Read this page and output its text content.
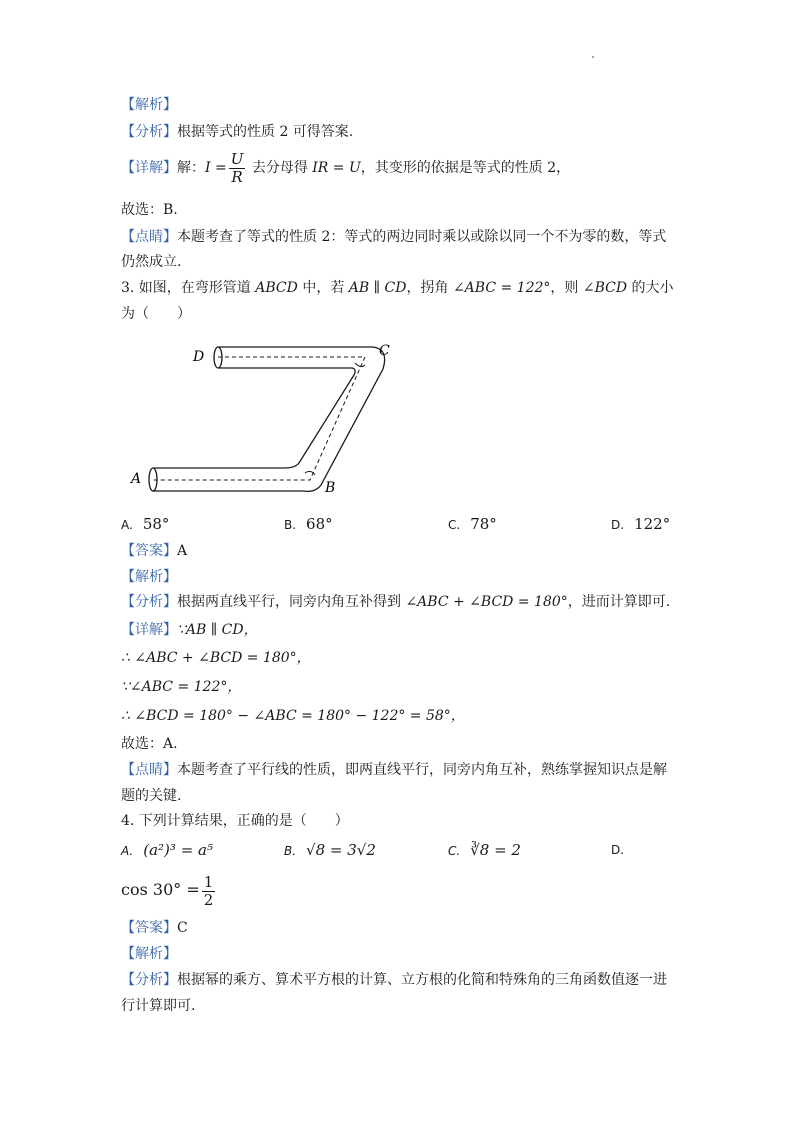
【解析】
【分析】根据等式的性质 2 可得答案.
【详解】解：$I = \frac{U}{R}$ 去分母得 IR = U，其变形的依据是等式的性质 2，
故选：B.
【点睛】本题考查了等式的性质 2：等式的两边同时乘以或除以同一个不为零的数，等式
仍然成立.
3. 如图，在弯形管道 ABCD 中，若 AB ∥ CD，拐角 ∠ABC = 122°，则 ∠BCD 的大小
为（　　）
D	C
A
B
A. 58°	B. 68°	C. 78°	D. 122°
【答案】A
【解析】
【分析】根据两直线平行，同旁内角互补得到 ∠ABC + ∠BCD = 180°，进而计算即可.
【详解】∵AB ∥ CD，
∴ ∠ABC + ∠BCD = 180°，
∵∠ABC = 122°，
∴ ∠BCD = 180° − ∠ABC = 180° − 122° = 58°，
故选：A.
【点睛】本题考查了平行线的性质，即两直线平行，同旁内角互补，熟练掌握知识点是解
题的关键.
4. 下列计算结果，正确的是（　　）
A. (a²)³ = a⁵	B. √8 = 3√2	C. ∛8 = 2	D.
$\cos 30^\circ = \frac{1}{2}$
【答案】C
【解析】
【分析】根据幂的乘方、算术平方根的计算、立方根的化简和特殊角的三角函数值逐一进
行计算即可.
